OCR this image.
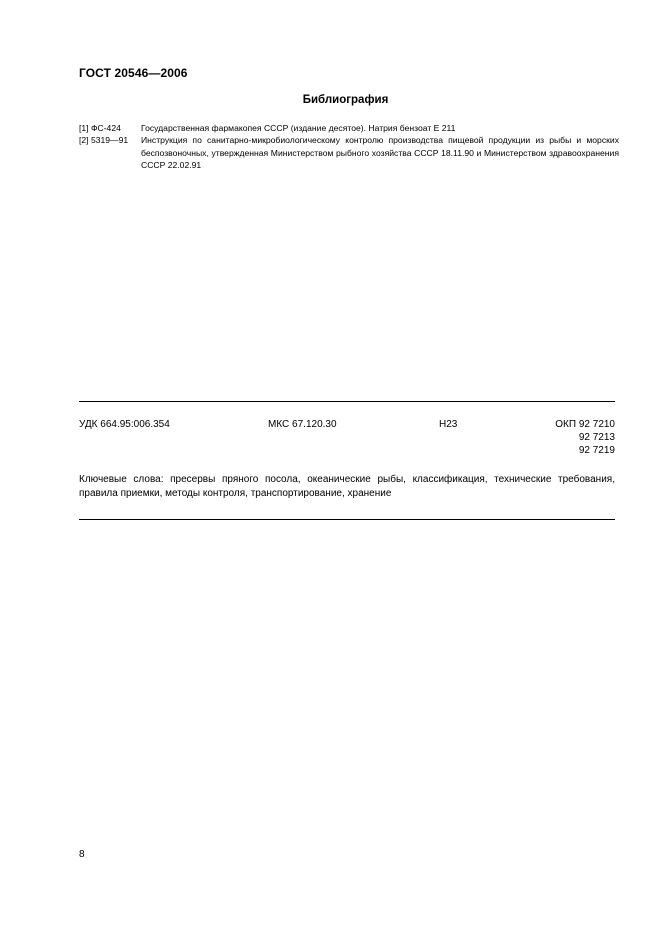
ГОСТ 20546—2006
Библиография
[1] ФС-424 Государственная фармакопея СССР (издание десятое). Натрия бензоат Е 211
[2] 5319—91 Инструкция по санитарно-микробиологическому контролю производства пищевой продукции из рыбы и морских беспозвоночных, утвержденная Министерством рыбного хозяйства СССР 18.11.90 и Министерством здравоохранения СССР 22.02.91
УДК 664.95:006.354	МКС 67.120.30	Н23	ОКП 92 7210
92 7213
92 7219
Ключевые слова: пресервы пряного посола, океанические рыбы, классификация, технические требования, правила приемки, методы контроля, транспортирование, хранение
8
